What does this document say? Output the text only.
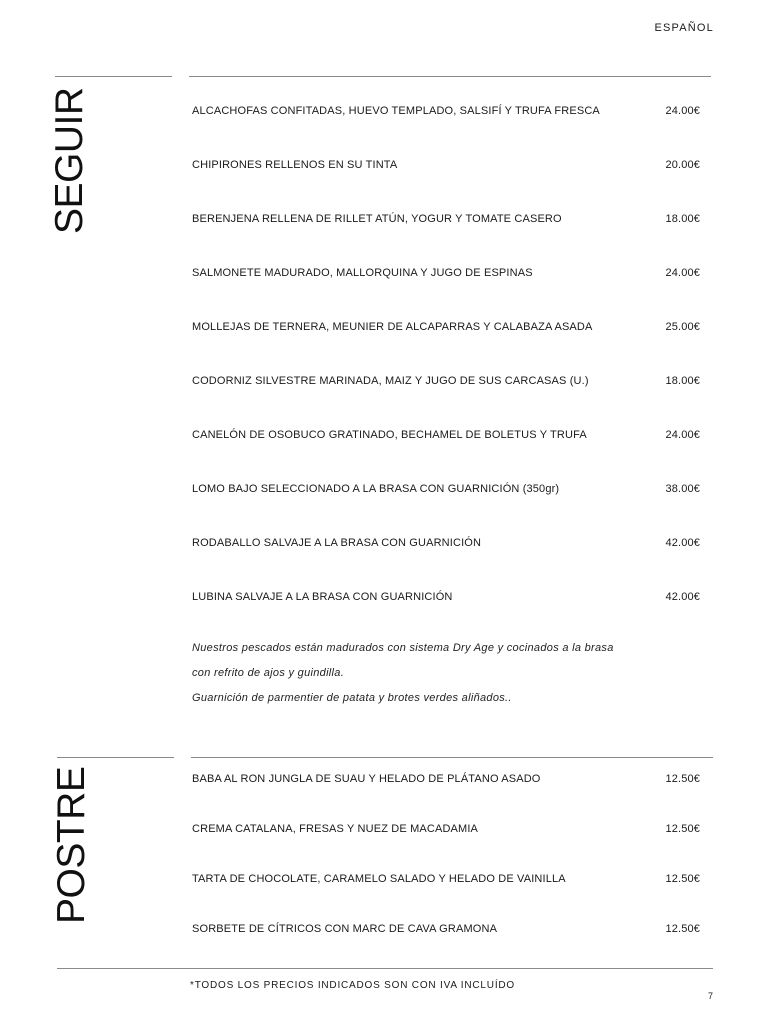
ESPAÑOL
SEGUIR	ALCACHOFAS CONFITADAS, HUEVO TEMPLADO, SALSIFÍ Y TRUFA FRESCA	24.00€
CHIPIRONES RELLENOS EN SU TINTA	20.00€
BERENJENA RELLENA DE RILLET ATÚN, YOGUR Y TOMATE CASERO	18.00€
SALMONETE MADURADO, MALLORQUINA Y JUGO DE ESPINAS	24.00€
MOLLEJAS DE TERNERA, MEUNIER DE ALCAPARRAS Y CALABAZA ASADA	25.00€
CODORNIZ SILVESTRE MARINADA, MAIZ Y JUGO DE SUS CARCASAS (U.)	18.00€
CANELÓN DE OSOBUCO GRATINADO, BECHAMEL DE BOLETUS Y TRUFA	24.00€
LOMO BAJO SELECCIONADO A LA BRASA CON GUARNICIÓN (350gr)	38.00€
RODABALLO SALVAJE A LA BRASA CON GUARNICIÓN	42.00€
LUBINA SALVAJE A LA BRASA CON GUARNICIÓN	42.00€
Nuestros pescados están madurados con sistema Dry Age y cocinados a la brasa
con refrito de ajos y guindilla.
Guarnición de parmentier de patata y brotes verdes aliñados..
POSTRE	BABA AL RON JUNGLA DE SUAU Y HELADO DE PLÁTANO ASADO	12.50€
CREMA CATALANA, FRESAS Y NUEZ DE MACADAMIA	12.50€
TARTA DE CHOCOLATE, CARAMELO SALADO Y HELADO DE VAINILLA	12.50€
SORBETE DE CÍTRICOS CON MARC DE CAVA GRAMONA	12.50€
*TODOS LOS PRECIOS INDICADOS SON CON IVA INCLUÍDO
7
